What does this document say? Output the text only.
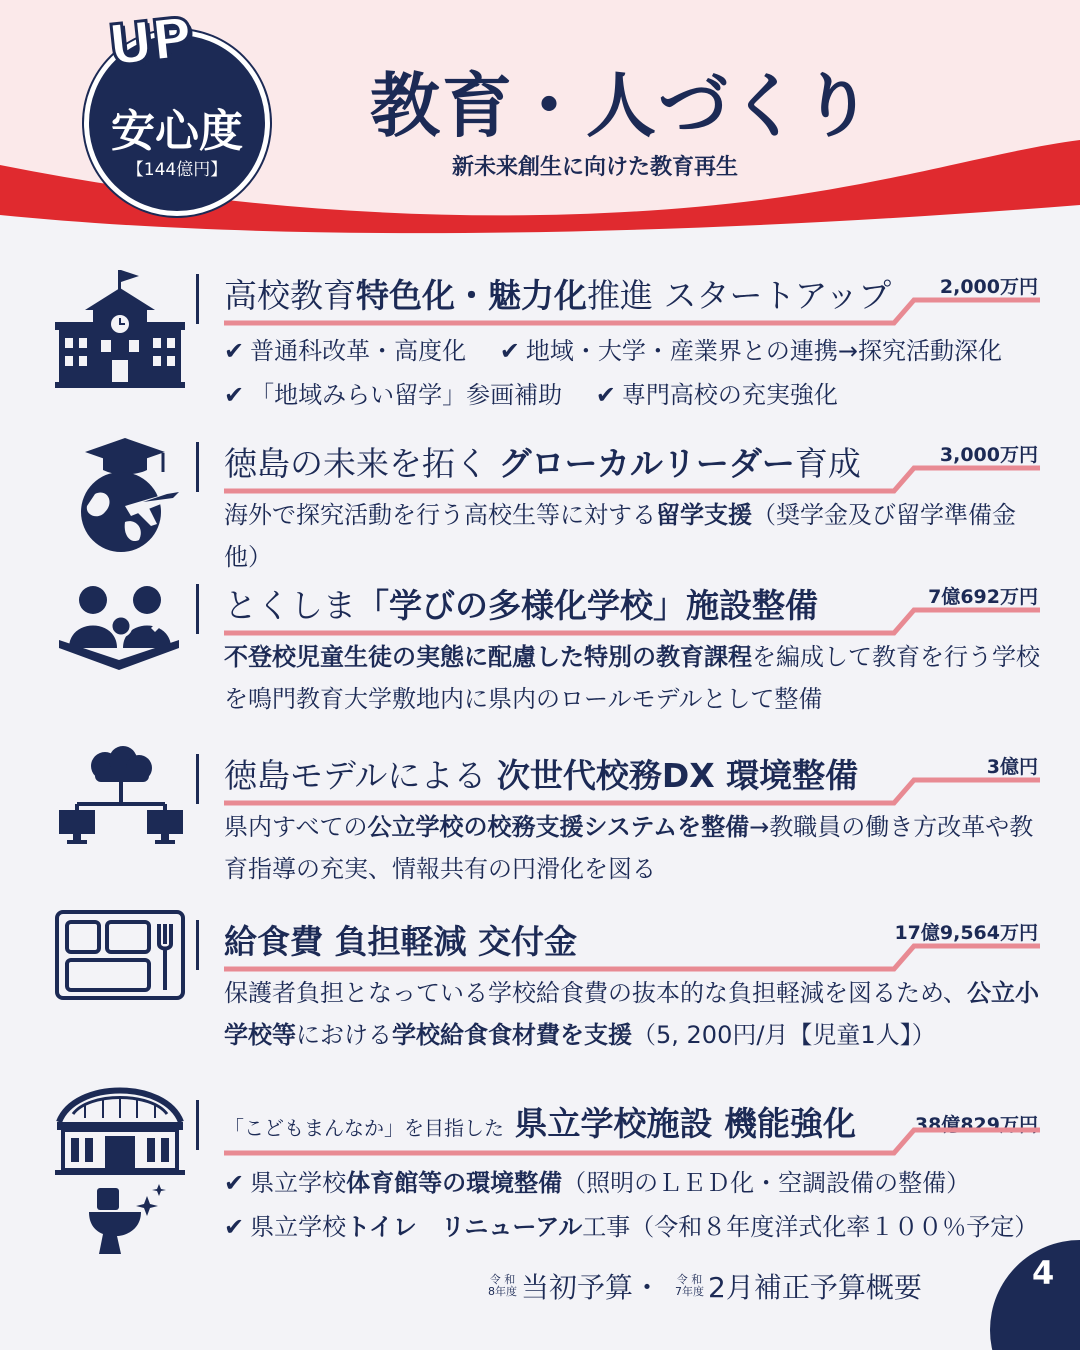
安心度
【144億円】
UP
教育・人づくり
新未来創生に向けた教育再生
高校教育特色化・魅力化推進 スタートアップ	2,000万円
✔ 普通科改革・高度化 ✔ 地域・大学・産業界との連携→探究活動深化
✔ 「地域みらい留学」参画補助 ✔ 専門高校の充実強化
徳島の未来を拓く グローカルリーダー育成	3,000万円
海外で探究活動を行う高校生等に対する留学支援（奨学金及び留学準備金他）
とくしま「学びの多様化学校」施設整備	7億692万円
不登校児童生徒の実態に配慮した特別の教育課程を編成して教育を行う学校を鳴門教育大学敷地内に県内のロールモデルとして整備
徳島モデルによる 次世代校務DX 環境整備	3億円
県内すべての公立学校の校務支援システムを整備→教職員の働き方改革や教育指導の充実、情報共有の円滑化を図る
給食費 負担軽減 交付金	17億9,564万円
保護者負担となっている学校給食費の抜本的な負担軽減を図るため、公立小学校等における学校給食食材費を支援（5, 200円/月【児童1人】）
「こどもまんなか」を目指した 県立学校施設 機能強化	38億829万円
✔ 県立学校体育館等の環境整備（照明のＬＥＤ化・空調設備の整備）
✔ 県立学校トイレ　リニューアル工事（令和８年度洋式化率１００％予定）
令 和
8年度 当初予算・ 令 和
7年度 2月補正予算概要	4
